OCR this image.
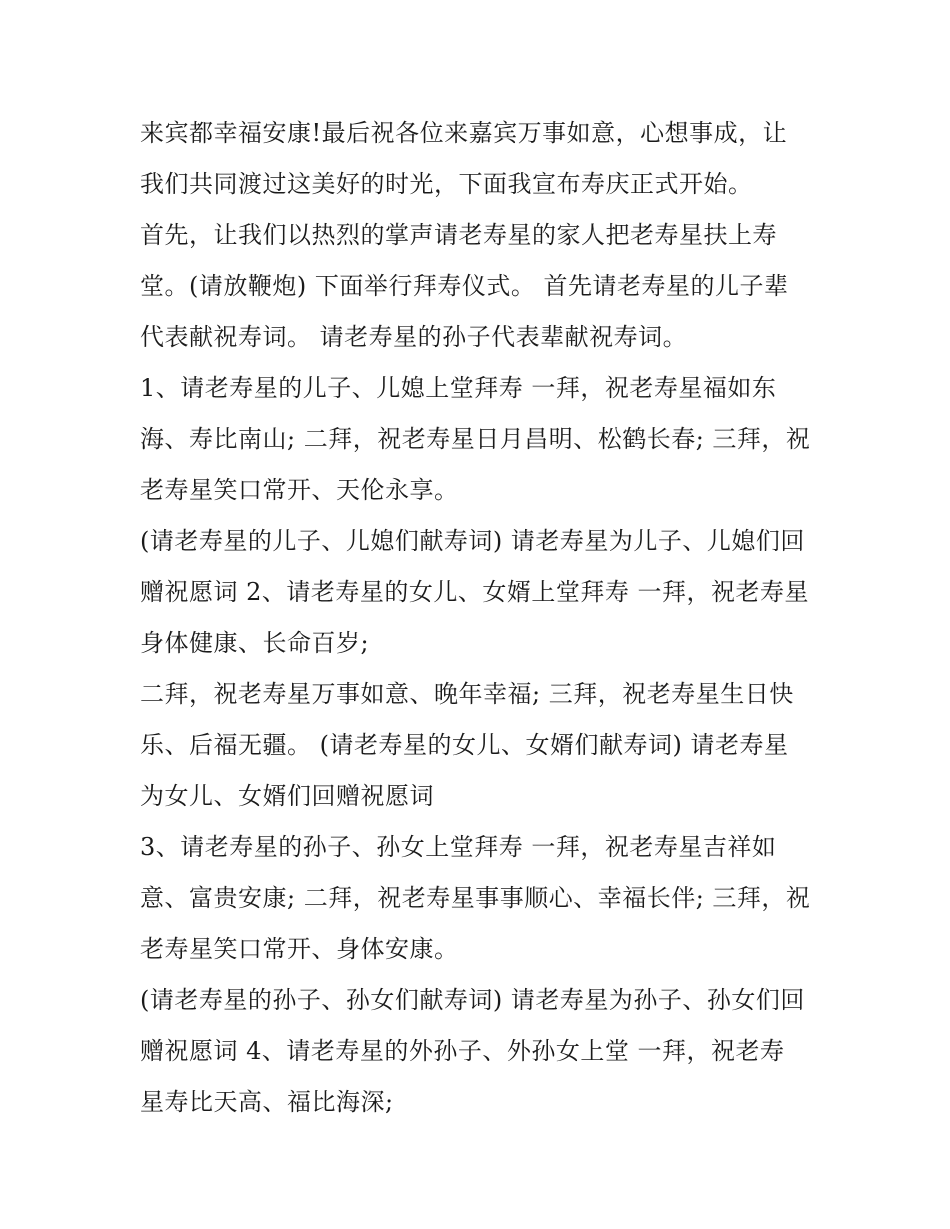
来宾都幸福安康!最后祝各位来嘉宾万事如意，心想事成，让
我们共同渡过这美好的时光，下面我宣布寿庆正式开始。

首先，让我们以热烈的掌声请老寿星的家人把老寿星扶上寿
堂。(请放鞭炮) 下面举行拜寿仪式。 首先请老寿星的儿子辈
代表献祝寿词。 请老寿星的孙子代表辈献祝寿词。

1、请老寿星的儿子、儿媳上堂拜寿 一拜，祝老寿星福如东
海、寿比南山; 二拜，祝老寿星日月昌明、松鹤长春; 三拜，祝
老寿星笑口常开、天伦永享。

(请老寿星的儿子、儿媳们献寿词) 请老寿星为儿子、儿媳们回
赠祝愿词 2、请老寿星的女儿、女婿上堂拜寿 一拜，祝老寿星
身体健康、长命百岁;

二拜，祝老寿星万事如意、晚年幸福; 三拜，祝老寿星生日快
乐、后福无疆。 (请老寿星的女儿、女婿们献寿词) 请老寿星
为女儿、女婿们回赠祝愿词

3、请老寿星的孙子、孙女上堂拜寿 一拜，祝老寿星吉祥如
意、富贵安康; 二拜，祝老寿星事事顺心、幸福长伴; 三拜，祝
老寿星笑口常开、身体安康。

(请老寿星的孙子、孙女们献寿词) 请老寿星为孙子、孙女们回
赠祝愿词 4、请老寿星的外孙子、外孙女上堂 一拜，祝老寿
星寿比天高、福比海深;
